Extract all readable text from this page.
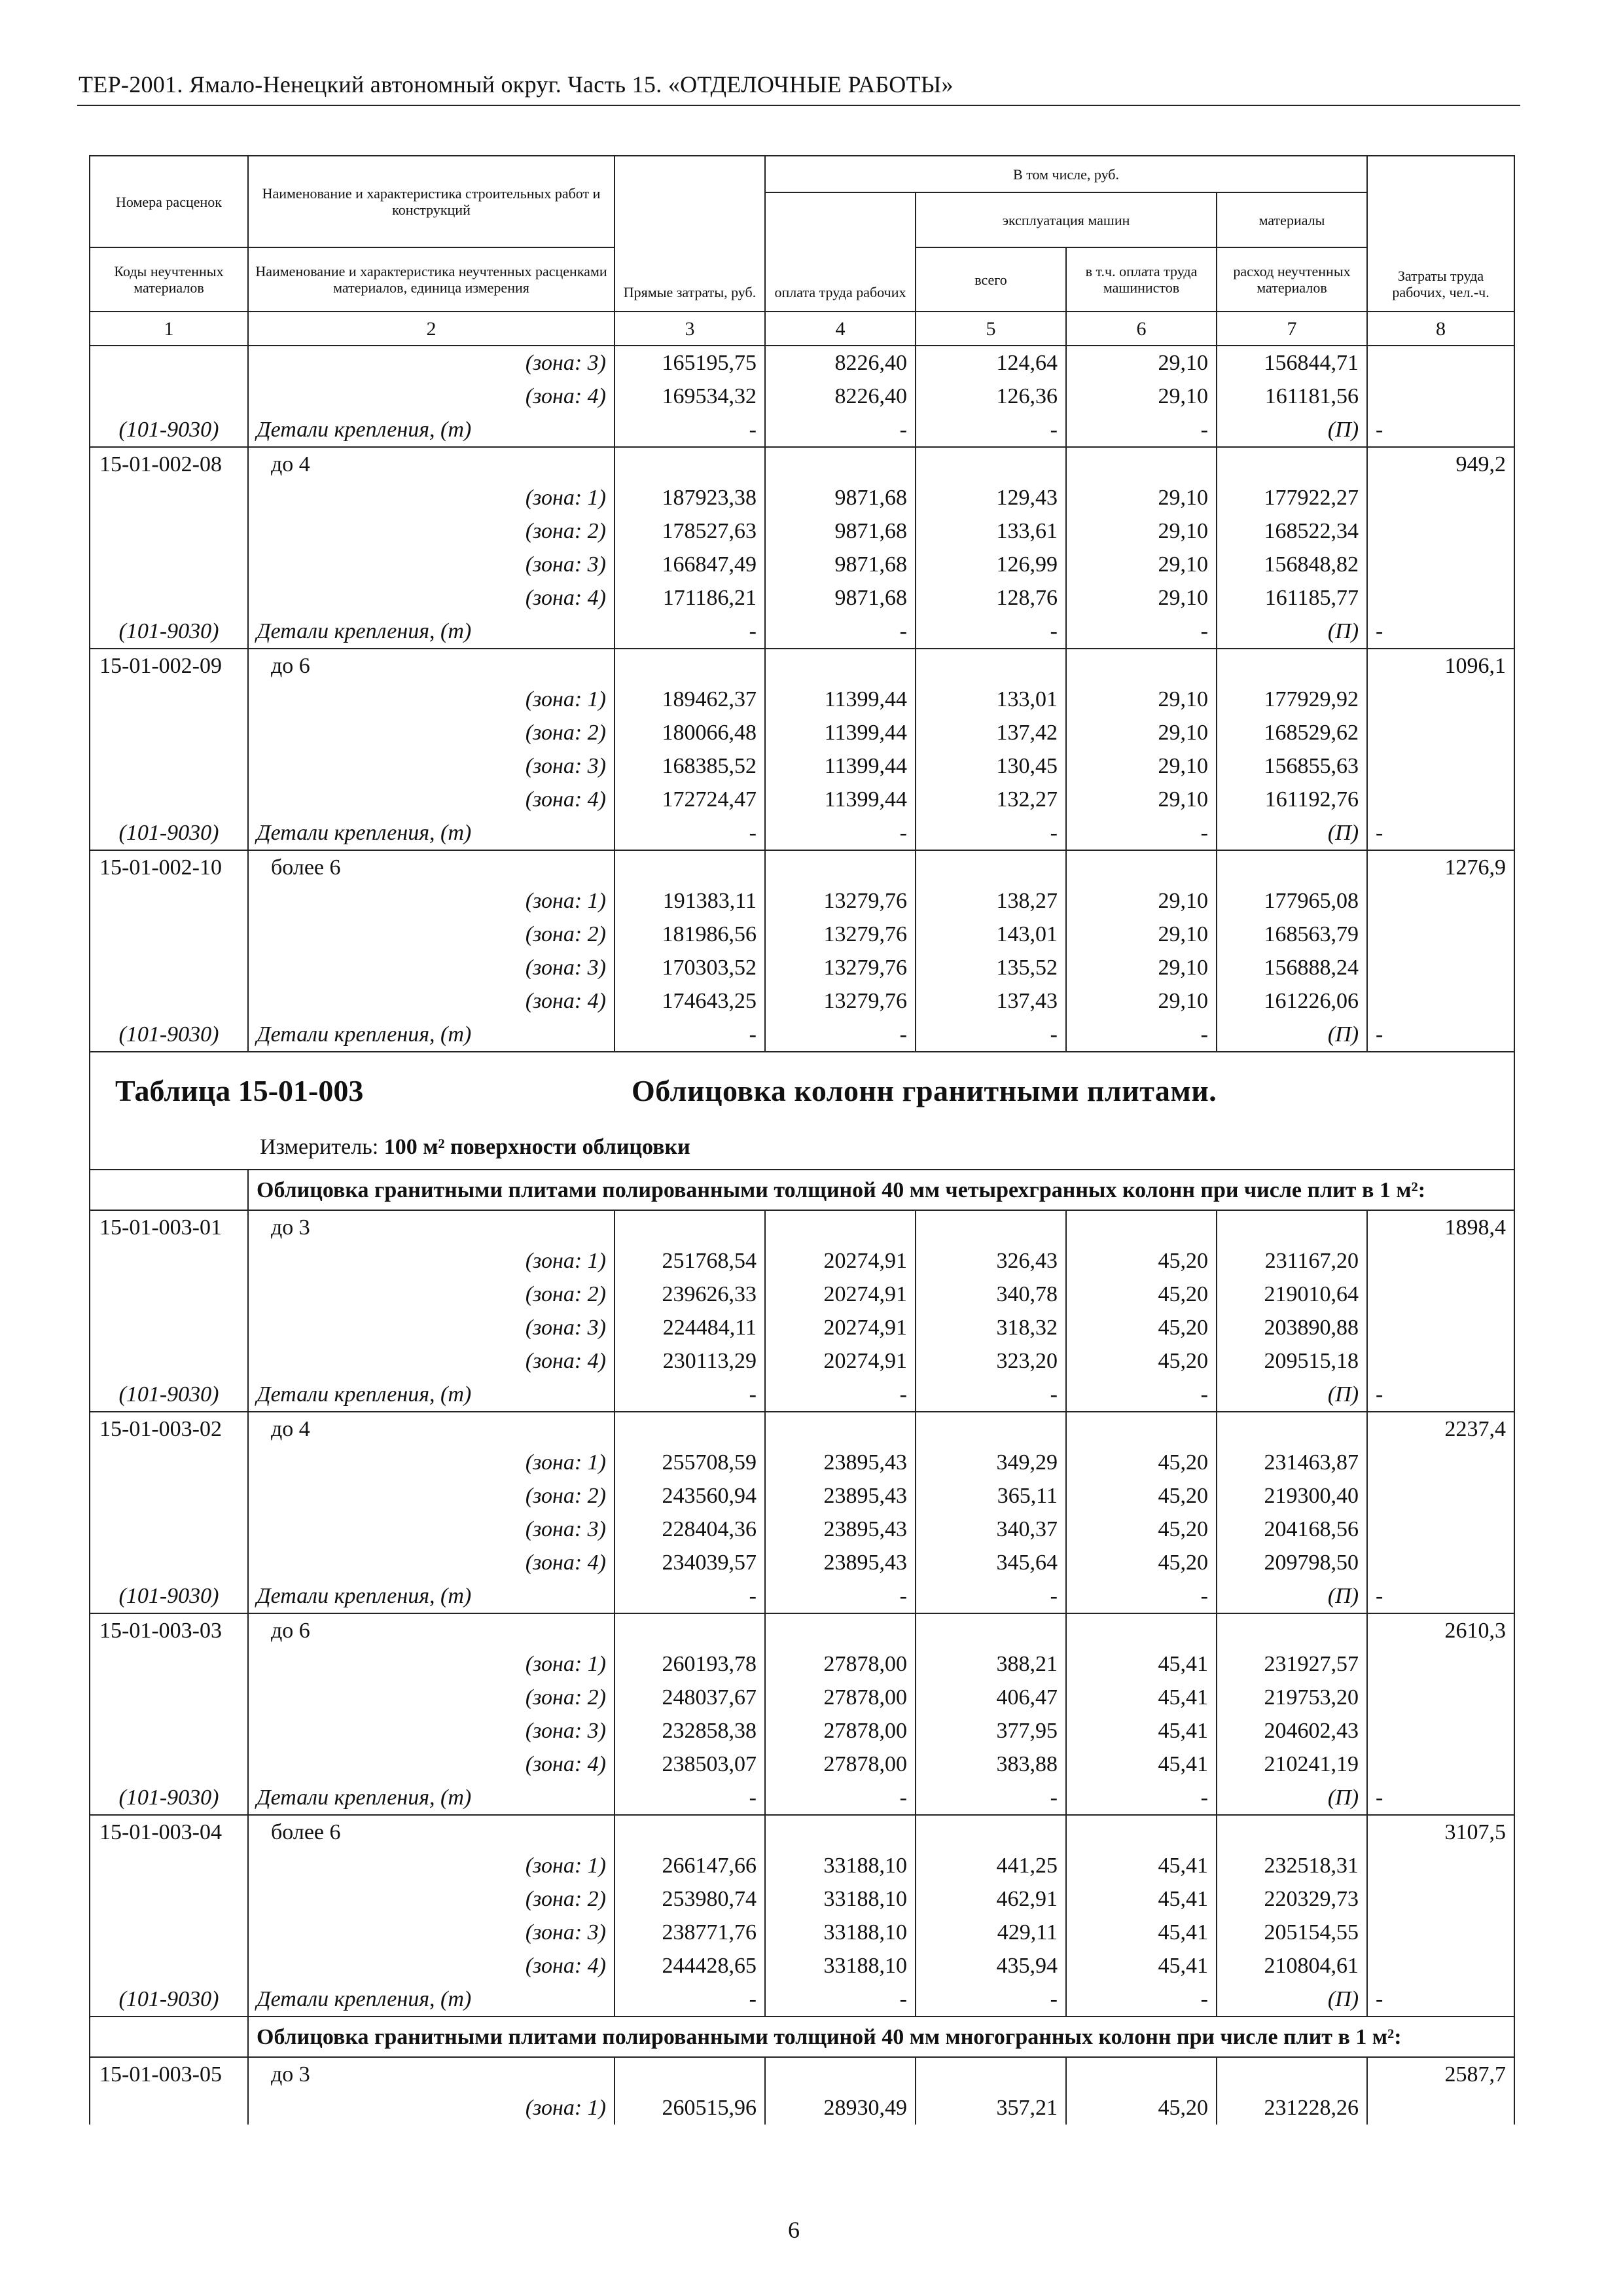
ТЕР-2001. Ямало-Ненецкий автономный округ. Часть 15. «ОТДЕЛОЧНЫЕ РАБОТЫ»
Номера расценок	Наименование и характеристика строительных работ и конструкций	Прямые затраты, руб.	В том числе, руб.				Затраты труда рабочих, чел.-ч.
			оплата труда рабочих	эксплуатация машин		материалы	
Коды неучтенных материалов	Наименование и характеристика неучтенных расценками материалов, единица измерения			всего	в т.ч. оплата труда машинистов	расход неучтенных материалов	
1	2	3	4	5	6	7	8
	(зона: 3)	165195,75	8226,40	124,64	29,10	156844,71	
	(зона: 4)	169534,32	8226,40	126,36	29,10	161181,56	
(101-9030)	Детали крепления, (т)	-	-	-	-	(П)	-
15-01-002-08	до 4						949,2
	(зона: 1)	187923,38	9871,68	129,43	29,10	177922,27	
	(зона: 2)	178527,63	9871,68	133,61	29,10	168522,34	
	(зона: 3)	166847,49	9871,68	126,99	29,10	156848,82	
	(зона: 4)	171186,21	9871,68	128,76	29,10	161185,77	
(101-9030)	Детали крепления, (т)	-	-	-	-	(П)	-
15-01-002-09	до 6						1096,1
	(зона: 1)	189462,37	11399,44	133,01	29,10	177929,92	
	(зона: 2)	180066,48	11399,44	137,42	29,10	168529,62	
	(зона: 3)	168385,52	11399,44	130,45	29,10	156855,63	
	(зона: 4)	172724,47	11399,44	132,27	29,10	161192,76	
(101-9030)	Детали крепления, (т)	-	-	-	-	(П)	-
15-01-002-10	более 6						1276,9
	(зона: 1)	191383,11	13279,76	138,27	29,10	177965,08	
	(зона: 2)	181986,56	13279,76	143,01	29,10	168563,79	
	(зона: 3)	170303,52	13279,76	135,52	29,10	156888,24	
	(зона: 4)	174643,25	13279,76	137,43	29,10	161226,06	
(101-9030)	Детали крепления, (т)	-	-	-	-	(П)	-

Таблица 15-01-003 Облицовка колонн гранитными плитами.
Измеритель: 100 м² поверхности облицовки							

	Облицовка гранитными плитами полированными толщиной 40 мм четырехгранных колонн при числе плит в 1 м²:						
15-01-003-01	до 3						1898,4
	(зона: 1)	251768,54	20274,91	326,43	45,20	231167,20	
	(зона: 2)	239626,33	20274,91	340,78	45,20	219010,64	
	(зона: 3)	224484,11	20274,91	318,32	45,20	203890,88	
	(зона: 4)	230113,29	20274,91	323,20	45,20	209515,18	
(101-9030)	Детали крепления, (т)	-	-	-	-	(П)	-
15-01-003-02	до 4						2237,4
	(зона: 1)	255708,59	23895,43	349,29	45,20	231463,87	
	(зона: 2)	243560,94	23895,43	365,11	45,20	219300,40	
	(зона: 3)	228404,36	23895,43	340,37	45,20	204168,56	
	(зона: 4)	234039,57	23895,43	345,64	45,20	209798,50	
(101-9030)	Детали крепления, (т)	-	-	-	-	(П)	-
15-01-003-03	до 6						2610,3
	(зона: 1)	260193,78	27878,00	388,21	45,41	231927,57	
	(зона: 2)	248037,67	27878,00	406,47	45,41	219753,20	
	(зона: 3)	232858,38	27878,00	377,95	45,41	204602,43	
	(зона: 4)	238503,07	27878,00	383,88	45,41	210241,19	
(101-9030)	Детали крепления, (т)	-	-	-	-	(П)	-
15-01-003-04	более 6						3107,5
	(зона: 1)	266147,66	33188,10	441,25	45,41	232518,31	
	(зона: 2)	253980,74	33188,10	462,91	45,41	220329,73	
	(зона: 3)	238771,76	33188,10	429,11	45,41	205154,55	
	(зона: 4)	244428,65	33188,10	435,94	45,41	210804,61	
(101-9030)	Детали крепления, (т)	-	-	-	-	(П)	-
	Облицовка гранитными плитами полированными толщиной 40 мм многогранных колонн при числе плит в 1 м²:						
15-01-003-05	до 3						2587,7
	(зона: 1)	260515,96	28930,49	357,21	45,20	231228,26	
6
